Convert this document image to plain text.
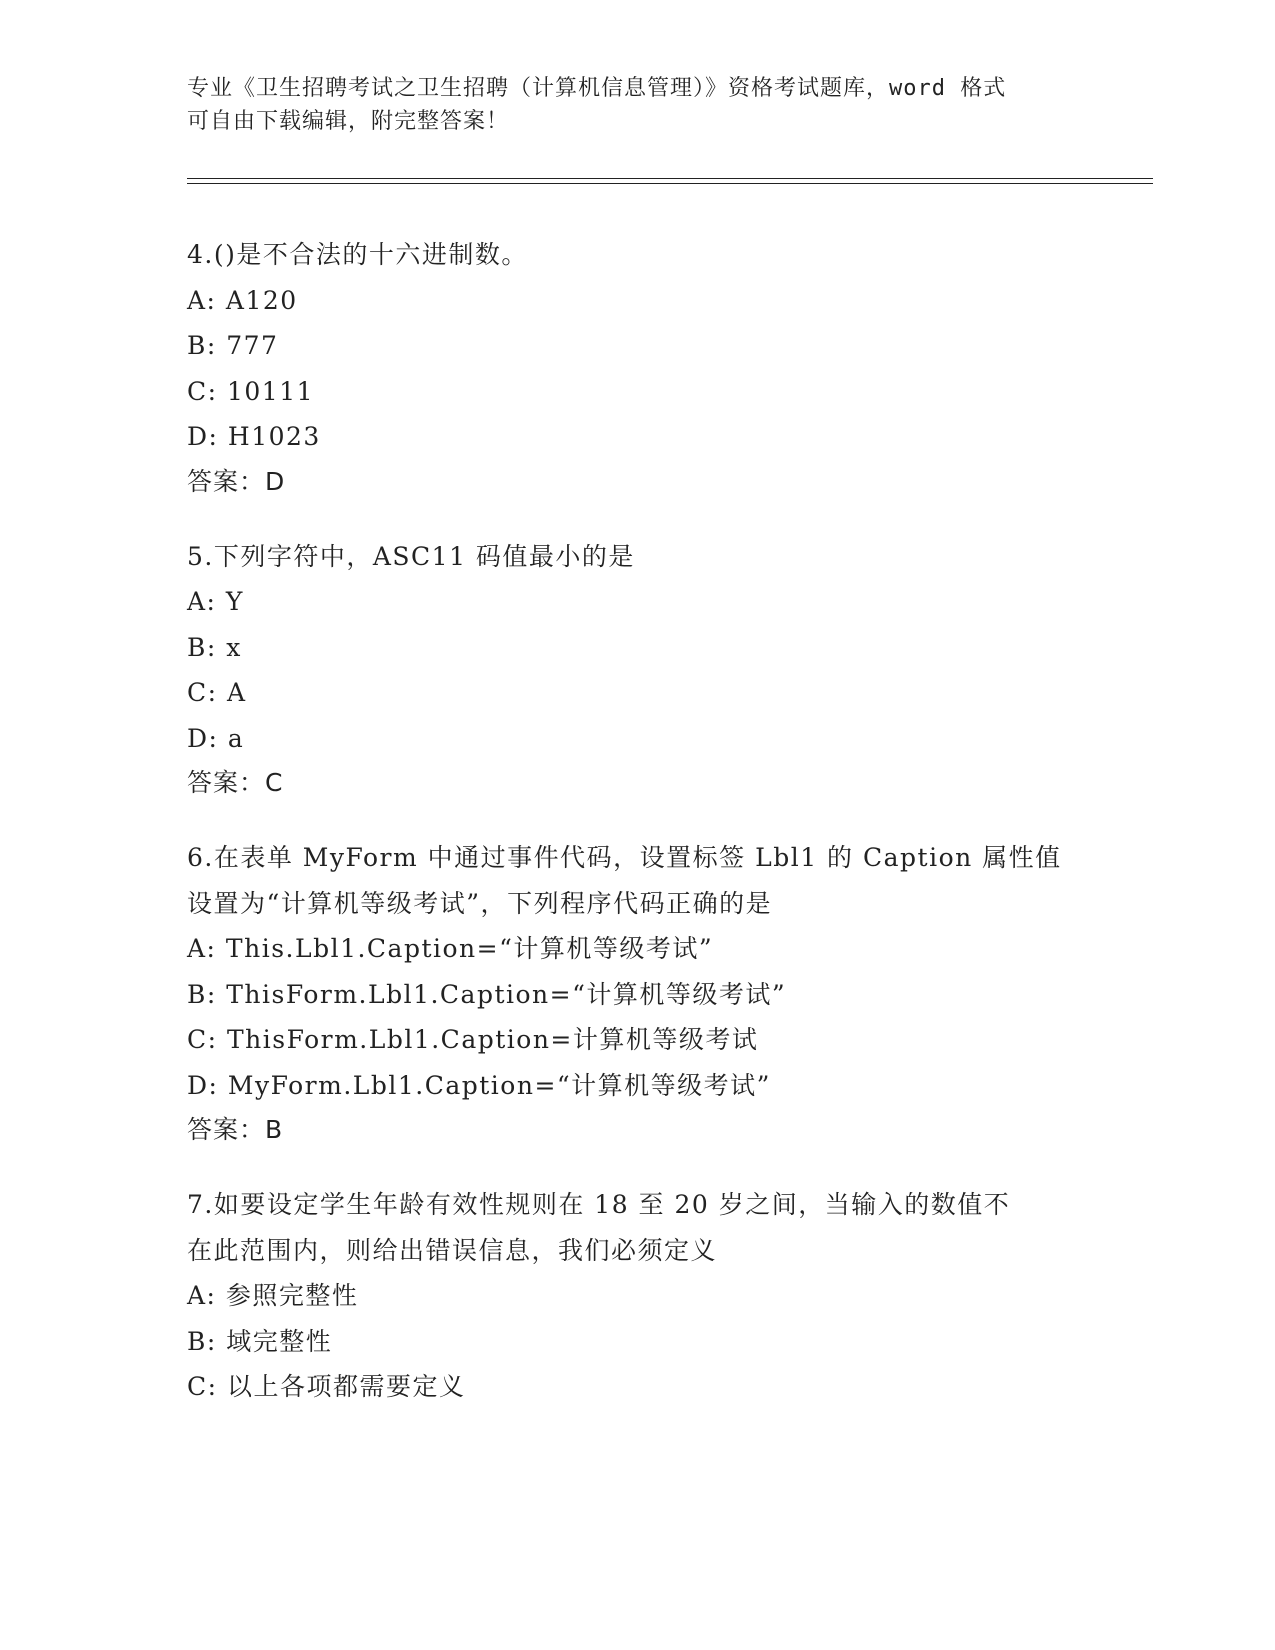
专业《卫生招聘考试之卫生招聘（计算机信息管理）》资格考试题库，word 格式
可自由下载编辑，附完整答案！
4.()是不合法的十六进制数。
A: A120
B: 777
C: 10111
D: H1023
答案：D
5.下列字符中，ASC11 码值最小的是
A: Y
B: x
C: A
D: a
答案：C
6.在表单 MyForm 中通过事件代码，设置标签 Lbl1 的 Caption 属性值
设置为“计算机等级考试”，下列程序代码正确的是
A: This.Lbl1.Caption=“计算机等级考试”
B: ThisForm.Lbl1.Caption=“计算机等级考试”
C: ThisForm.Lbl1.Caption=计算机等级考试
D: MyForm.Lbl1.Caption=“计算机等级考试”
答案：B
7.如要设定学生年龄有效性规则在 18 至 20 岁之间，当输入的数值不
在此范围内，则给出错误信息，我们必须定义
A: 参照完整性
B: 域完整性
C: 以上各项都需要定义
